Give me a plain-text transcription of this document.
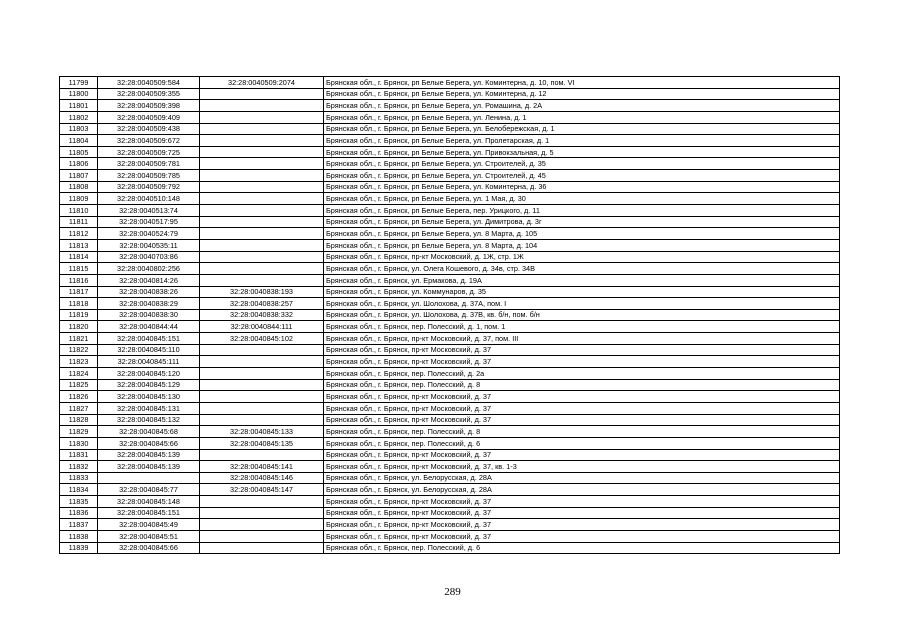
11799	32:28:0040509:584	32:28:0040509:2074	Брянская обл., г. Брянск, рп Белые Берега, ул. Коминтерна, д. 10, пом. VI
11800	32:28:0040509:355		Брянская обл., г. Брянск, рп Белые Берега, ул. Коминтерна, д. 12
11801	32:28:0040509:398		Брянская обл., г. Брянск, рп Белые Берега, ул. Ромашина, д. 2А
11802	32:28:0040509:409		Брянская обл., г. Брянск, рп Белые Берега, ул. Ленина, д. 1
11803	32:28:0040509:438		Брянская обл., г. Брянск, рп Белые Берега, ул. Белобережская, д. 1
11804	32:28:0040509:672		Брянская обл., г. Брянск, рп Белые Берега, ул. Пролетарская, д. 1
11805	32:28:0040509:725		Брянская обл., г. Брянск, рп Белые Берега, ул. Привокзальная, д. 5
11806	32:28:0040509:781		Брянская обл., г. Брянск, рп Белые Берега, ул. Строителей, д. 35
11807	32:28:0040509:785		Брянская обл., г. Брянск, рп Белые Берега, ул. Строителей, д. 45
11808	32:28:0040509:792		Брянская обл., г. Брянск, рп Белые Берега, ул. Коминтерна, д. 36
11809	32:28:0040510:148		Брянская обл., г. Брянск, рп Белые Берега, ул. 1 Мая, д. 30
11810	32:28:0040513:74		Брянская обл., г. Брянск, рп Белые Берега, пер. Урицкого, д. 11
11811	32:28:0040517:95		Брянская обл., г. Брянск, рп Белые Берега, ул. Димитрова, д. 3г
11812	32:28:0040524:79		Брянская обл., г. Брянск, рп Белые Берега, ул. 8 Марта, д. 105
11813	32:28:0040535:11		Брянская обл., г. Брянск, рп Белые Берега, ул. 8 Марта, д. 104
11814	32:28:0040703:86		Брянская обл., г. Брянск, пр-кт Московский, д. 1Ж, стр. 1Ж
11815	32:28:0040802:256		Брянская обл., г. Брянск, ул. Олега Кошевого, д. 34в, стр. 34В
11816	32:28:0040814:26		Брянская обл., г. Брянск, ул. Ермакова, д. 19А
11817	32:28:0040838:26	32:28:0040838:193	Брянская обл., г. Брянск, ул. Коммунаров, д. 35
11818	32:28:0040838:29	32:28:0040838:257	Брянская обл., г. Брянск, ул. Шолохова, д. 37А, пом. I
11819	32:28:0040838:30	32:28:0040838:332	Брянская обл., г. Брянск, ул. Шолохова, д. 37В, кв. б/н, пом. б/н
11820	32:28:0040844:44	32:28:0040844:111	Брянская обл., г. Брянск, пер. Полесский, д. 1, пом. 1
11821	32:28:0040845:151	32:28:0040845:102	Брянская обл., г. Брянск, пр-кт Московский, д. 37, пом. III
11822	32:28:0040845:110		Брянская обл., г. Брянск, пр-кт Московский, д. 37
11823	32:28:0040845:111		Брянская обл., г. Брянск, пр-кт Московский, д. 37
11824	32:28:0040845:120		Брянская обл., г. Брянск, пер. Полесский, д. 2а
11825	32:28:0040845:129		Брянская обл., г. Брянск, пер. Полесский, д. 8
11826	32:28:0040845:130		Брянская обл., г. Брянск, пр-кт Московский, д. 37
11827	32:28:0040845:131		Брянская обл., г. Брянск, пр-кт Московский, д. 37
11828	32:28:0040845:132		Брянская обл., г. Брянск, пр-кт Московский, д. 37
11829	32:28:0040845:68	32:28:0040845:133	Брянская обл., г. Брянск, пер. Полесский, д. 8
11830	32:28:0040845:66	32:28:0040845:135	Брянская обл., г. Брянск, пер. Полесский, д. 6
11831	32:28:0040845:139		Брянская обл., г. Брянск, пр-кт Московский, д. 37
11832	32:28:0040845:139	32:28:0040845:141	Брянская обл., г. Брянск, пр-кт Московский, д. 37, кв. 1-3
11833		32:28:0040845:146	Брянская обл., г. Брянск, ул. Белорусская, д. 28А
11834	32:28:0040845:77	32:28:0040845:147	Брянская обл., г. Брянск, ул. Белорусская, д. 28А
11835	32:28:0040845:148		Брянская обл., г. Брянск, пр-кт Московский, д. 37
11836	32:28:0040845:151		Брянская обл., г. Брянск, пр-кт Московский, д. 37
11837	32:28:0040845:49		Брянская обл., г. Брянск, пр-кт Московский, д. 37
11838	32:28:0040845:51		Брянская обл., г. Брянск, пр-кт Московский, д. 37
11839	32:28:0040845:66		Брянская обл., г. Брянск, пер. Полесский, д. 6
289
